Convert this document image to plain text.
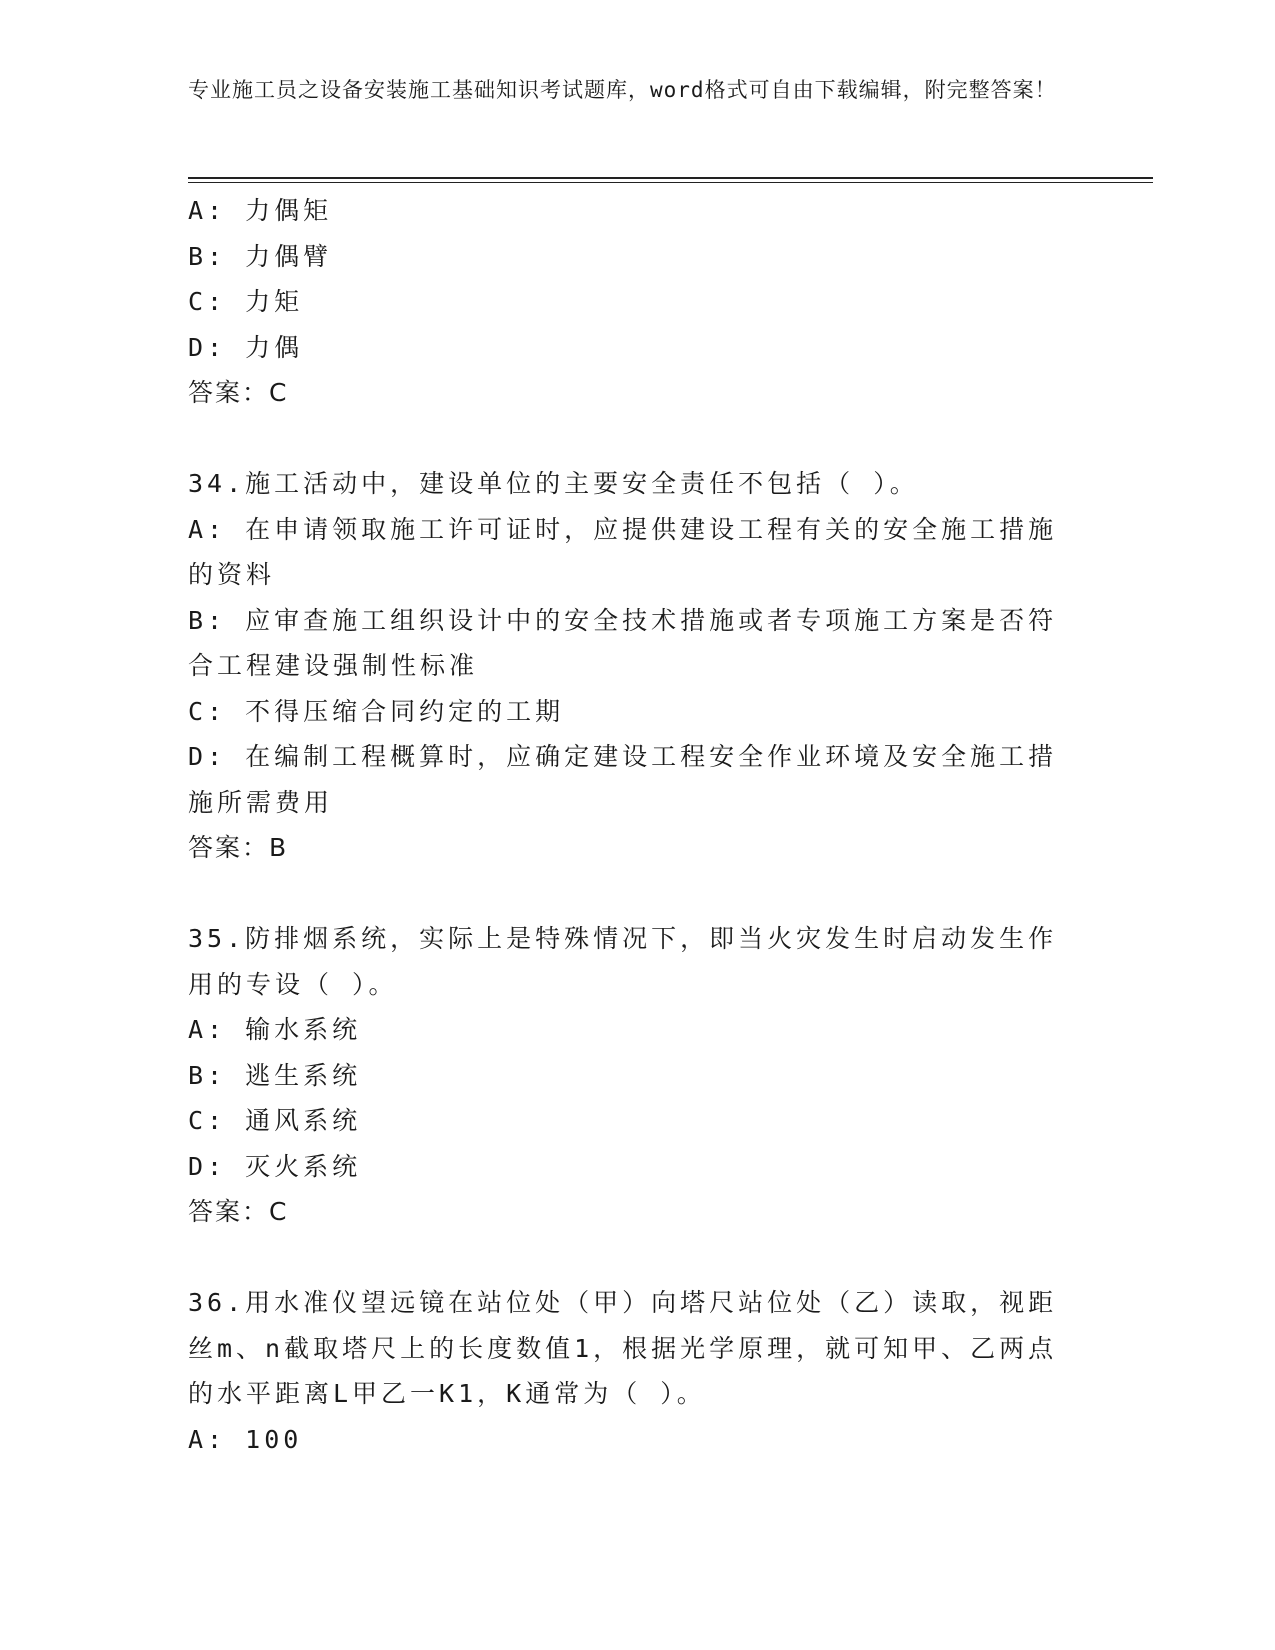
专业施工员之设备安装施工基础知识考试题库，word格式可自由下载编辑，附完整答案！
A: 力偶矩
B: 力偶臂
C: 力矩
D: 力偶
答案：C
34.施工活动中，建设单位的主要安全责任不包括（ ）。
A: 在申请领取施工许可证时，应提供建设工程有关的安全施工措施的资料
B: 应审查施工组织设计中的安全技术措施或者专项施工方案是否符合工程建设强制性标准
C: 不得压缩合同约定的工期
D: 在编制工程概算时，应确定建设工程安全作业环境及安全施工措施所需费用
答案：B
35.防排烟系统，实际上是特殊情况下，即当火灾发生时启动发生作用的专设（ ）。
A: 输水系统
B: 逃生系统
C: 通风系统
D: 灭火系统
答案：C
36.用水准仪望远镜在站位处（甲）向塔尺站位处（乙）读取，视距丝m、n截取塔尺上的长度数值1，根据光学原理，就可知甲、乙两点的水平距离L甲乙一K1，K通常为（ ）。
A: 100
